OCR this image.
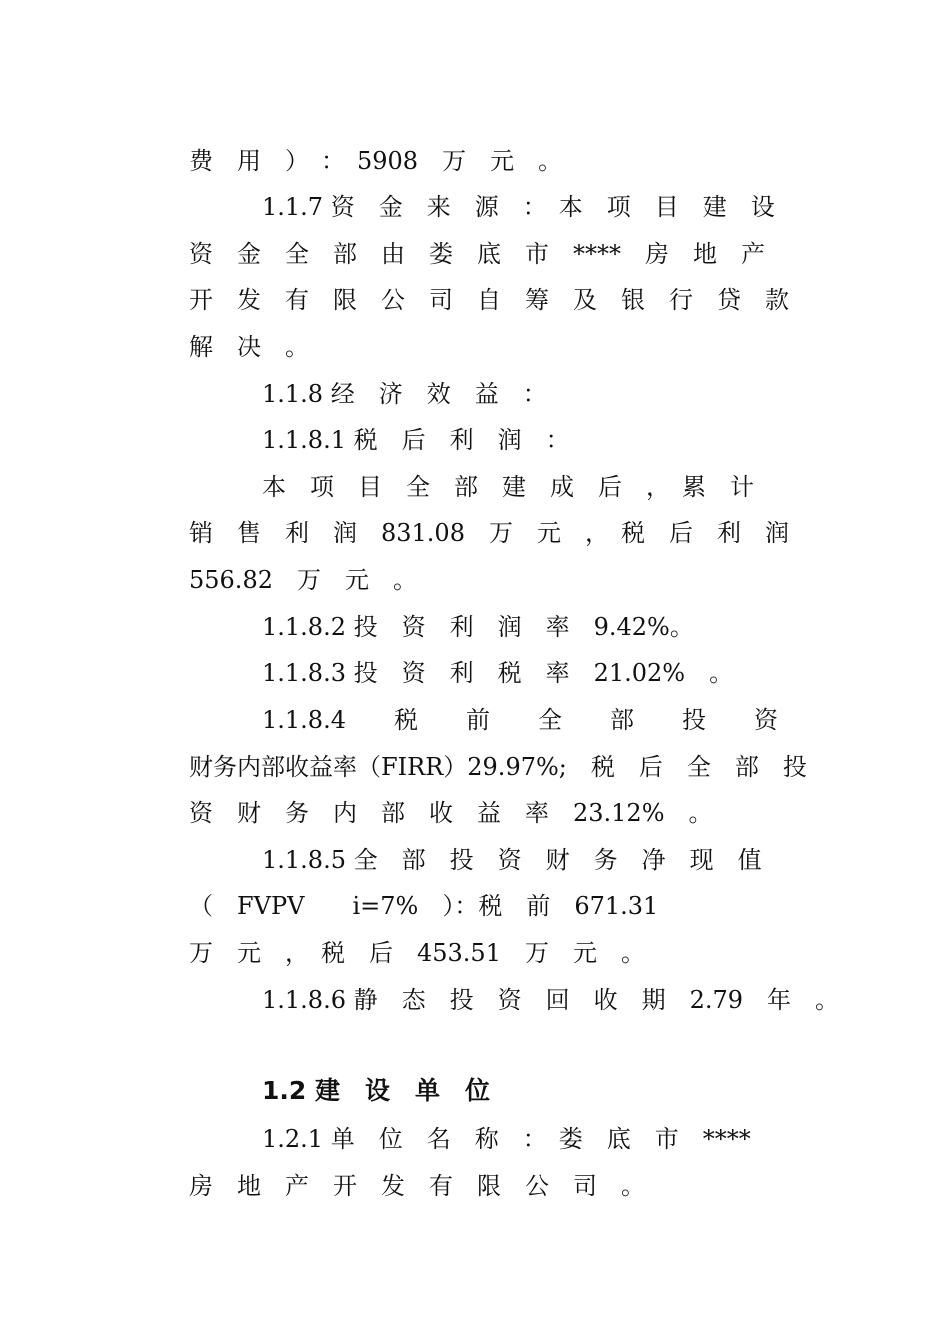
费　用　）　：　5908　万　元　。
1.1.7 资　金　来　源　：　本　项　目　建　设
资　金　全　部　由　娄　底　市　****　房　地　产
开　发　有　限　公　司　自　筹　及　银　行　贷　款
解　决　。
1.1.8 经　济　效　益　：
1.1.8.1 税　后　利　润　：
本　项　目　全　部　建　成　后　，　累　计
销　售　利　润　831.08　万　元　，　税　后　利　润
556.82　万　元　。
1.1.8.2 投　资　利　润　率　9.42%。
1.1.8.3 投　资　利　税　率　21.02%　。
1.1.8.4　　税　　前　　全　　部　　投　　资
财务内部收益率（FIRR）29.97%;　税　后　全　部　投
资　财　务　内　部　收　益　率　23.12%　。
1.1.8.5 全　部　投　资　财　务　净　现　值
（　FVPV　　i=7%　）：税　前　671.31
万　元　，　税　后　453.51　万　元　。
1.1.8.6 静　态　投　资　回　收　期　2.79　年　。
1.2 建　设　单　位
1.2.1 单　位　名　称　：　娄　底　市　****
房　地　产　开　发　有　限　公　司　。
